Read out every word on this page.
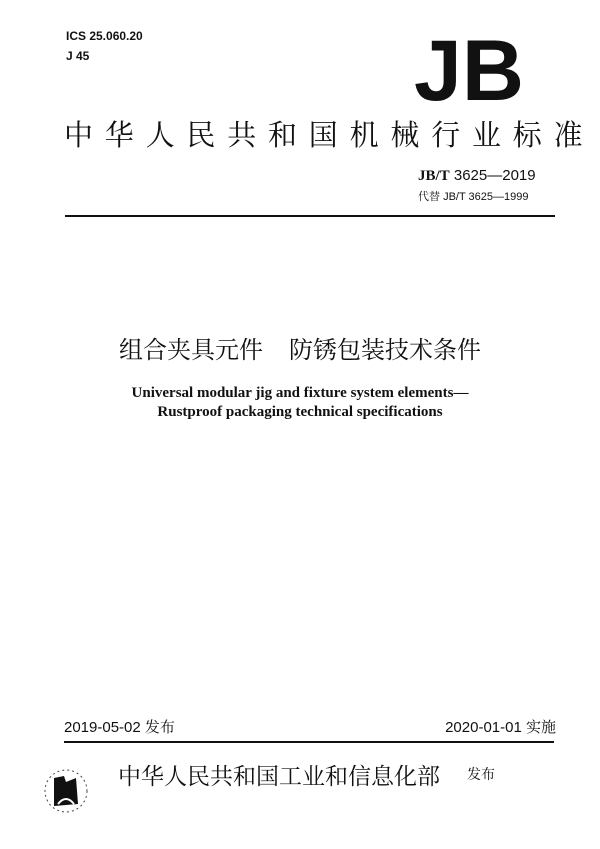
ICS 25.060.20
J 45	JB
中华人民共和国机械行业标准
JB/T 3625—2019
代替 JB/T 3625—1999
组合夹具元件 防锈包装技术条件
Universal modular jig and fixture system elements—
Rustproof packaging technical specifications
2019-05-02 发布	2020-01-01 实施
中华人民共和国工业和信息化部 发布
